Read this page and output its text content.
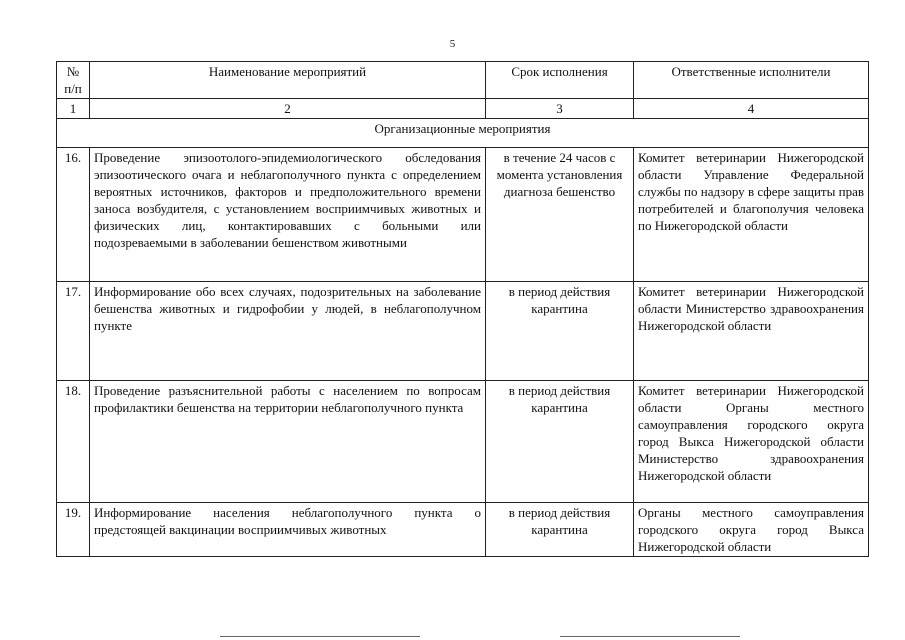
5
№ п/п	Наименование мероприятий	Срок исполнения	Ответственные исполнители
1	2	3	4
Организационные мероприятия			
16.	Проведение эпизоотолого-эпидемиологического обследования эпизоотического очага и неблагополучного пункта с определением вероятных источников, факторов и предположительного времени заноса возбудителя, с установлением восприимчивых животных и физических лиц, контактировавших с больными или подозреваемыми в заболевании бешенством животными	в течение 24 часов с момента установления диагноза бешенство	Комитет ветеринарии Нижегородской области Управление Федеральной службы по надзору в сфере защиты прав потребителей и благополучия человека по Нижегородской области
17.	Информирование обо всех случаях, подозрительных на заболевание бешенства животных и гидрофобии у людей, в неблагополучном пункте	в период действия карантина	Комитет ветеринарии Нижегородской области Министерство здравоохранения Нижегородской области
18.	Проведение разъяснительной работы с населением по вопросам профилактики бешенства на территории неблагополучного пункта	в период действия карантина	Комитет ветеринарии Нижегородской области Органы местного самоуправления городского округа город Выкса Нижегородской области Министерство здравоохранения Нижегородской области
19.	Информирование населения неблагополучного пункта о предстоящей вакцинации восприимчивых животных	в период действия карантина	Органы местного самоуправления городского округа город Выкса Нижегородской области
